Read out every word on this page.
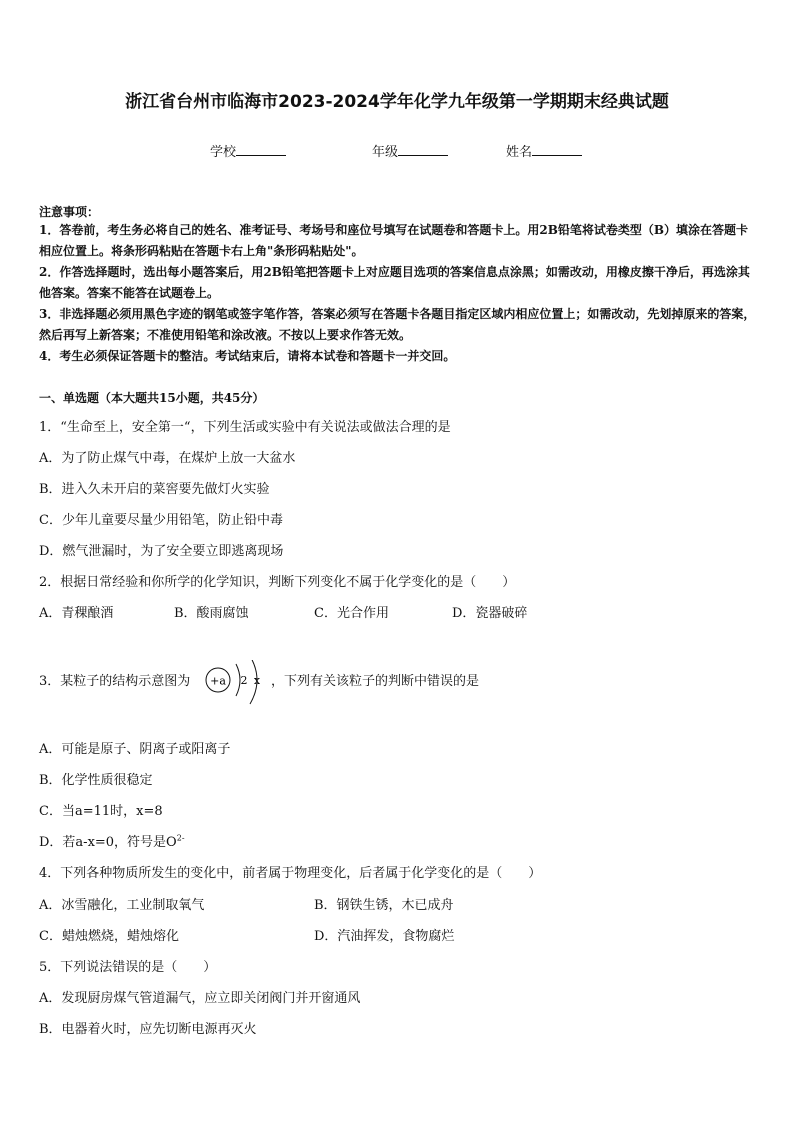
浙江省台州市临海市2023-2024学年化学九年级第一学期期末经典试题
学校	年级	姓名
注意事项：
1．答卷前，考生务必将自己的姓名、准考证号、考场号和座位号填写在试题卷和答题卡上。用2B铅笔将试卷类型（B）填涂在答题卡相应位置上。将条形码粘贴在答题卡右上角"条形码粘贴处"。
2．作答选择题时，选出每小题答案后，用2B铅笔把答题卡上对应题目选项的答案信息点涂黑；如需改动，用橡皮擦干净后，再选涂其他答案。答案不能答在试题卷上。
3．非选择题必须用黑色字迹的钢笔或签字笔作答，答案必须写在答题卡各题目指定区域内相应位置上；如需改动，先划掉原来的答案，然后再写上新答案；不准使用铅笔和涂改液。不按以上要求作答无效。
4．考生必须保证答题卡的整洁。考试结束后，请将本试卷和答题卡一并交回。
一、单选题（本大题共15小题，共45分）
1．“生命至上，安全第一“，下列生活或实验中有关说法或做法合理的是
A．为了防止煤气中毒，在煤炉上放一大盆水
B．进入久未开启的菜窖要先做灯火实验
C．少年儿童要尽量少用铅笔，防止铅中毒
D．燃气泄漏时，为了安全要立即逃离现场
2．根据日常经验和你所学的化学知识，判断下列变化不属于化学变化的是（　　）
A．青稞酿酒	B．酸雨腐蚀	C．光合作用	D．瓷器破碎
3．某粒子的结构示意图为 +a 2 x ，下列有关该粒子的判断中错误的是
A．可能是原子、阴离子或阳离子
B．化学性质很稳定
C．当a=11时，x=8
D．若a-x=0，符号是$O^{2-}$
4．下列各种物质所发生的变化中，前者属于物理变化，后者属于化学变化的是（　　）
A．冰雪融化，工业制取氧气	B．钢铁生锈，木已成舟
C．蜡烛燃烧，蜡烛熔化	D．汽油挥发，食物腐烂
5．下列说法错误的是（　　）
A．发现厨房煤气管道漏气，应立即关闭阀门并开窗通风
B．电器着火时，应先切断电源再灭火
